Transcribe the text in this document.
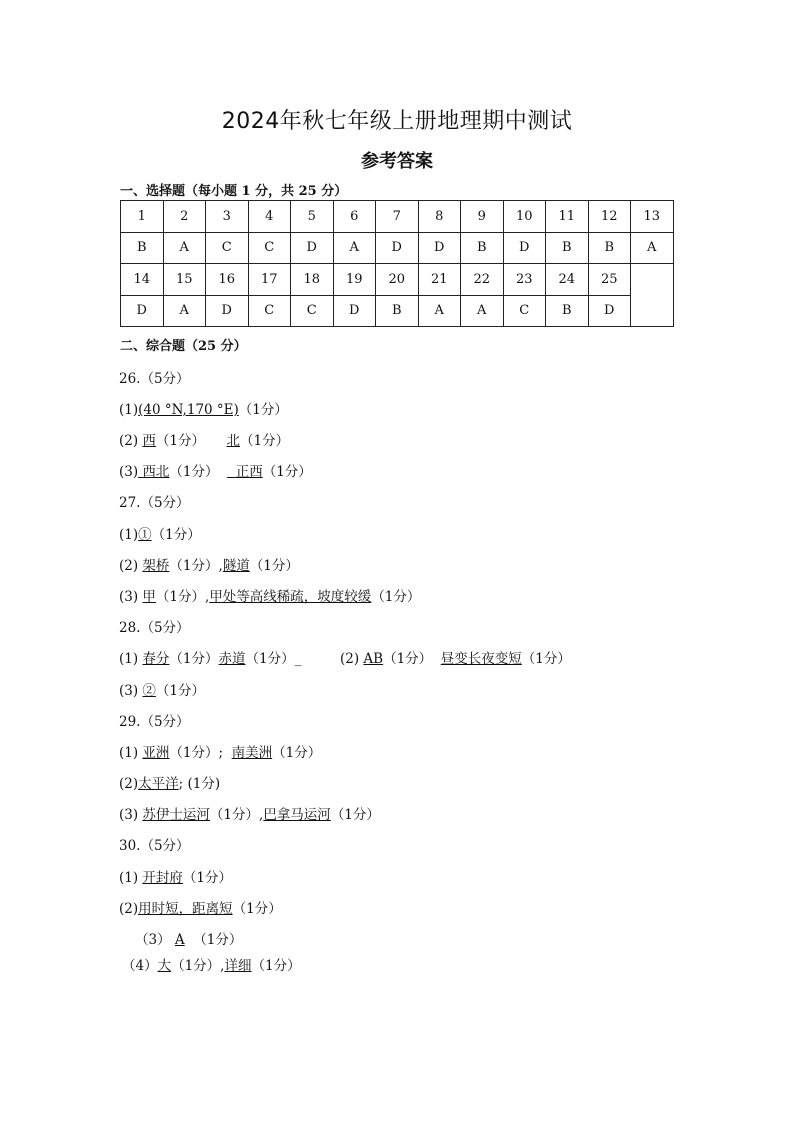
2024年秋七年级上册地理期中测试
参考答案
一、选择题（每小题 1 分，共 25 分）
1	2	3	4	5	6	7	8	9	10	11	12	13
B	A	C	C	D	A	D	D	B	D	B	B	A
14	15	16	17	18	19	20	21	22	23	24	25	
D	A	D	C	C	D	B	A	A	C	B	D	
二、综合题（25 分）
26.（5分）
(1)(40 °N,170 °E)（1分）
(2) 西（1分） 北（1分）
(3) 西北（1分） 正西（1分）
27.（5分）
(1)①（1分）
(2) 架桥（1分）,隧道（1分）
(3) 甲（1分）,甲处等高线稀疏，坡度较缓（1分）
28.（5分）
(1) 春分（1分）赤道（1分）_	(2) AB（1分） 昼变长夜变短（1分）
(3) ②（1分）
29.（5分）
(1) 亚洲（1分）; 南美洲（1分）
(2)太平洋; (1分)
(3) 苏伊士运河（1分）,巴拿马运河（1分）
30.（5分）
(1) 开封府（1分）
(2)用时短，距离短（1分）
（3） A （1分）
（4）大（1分）,详细（1分）
